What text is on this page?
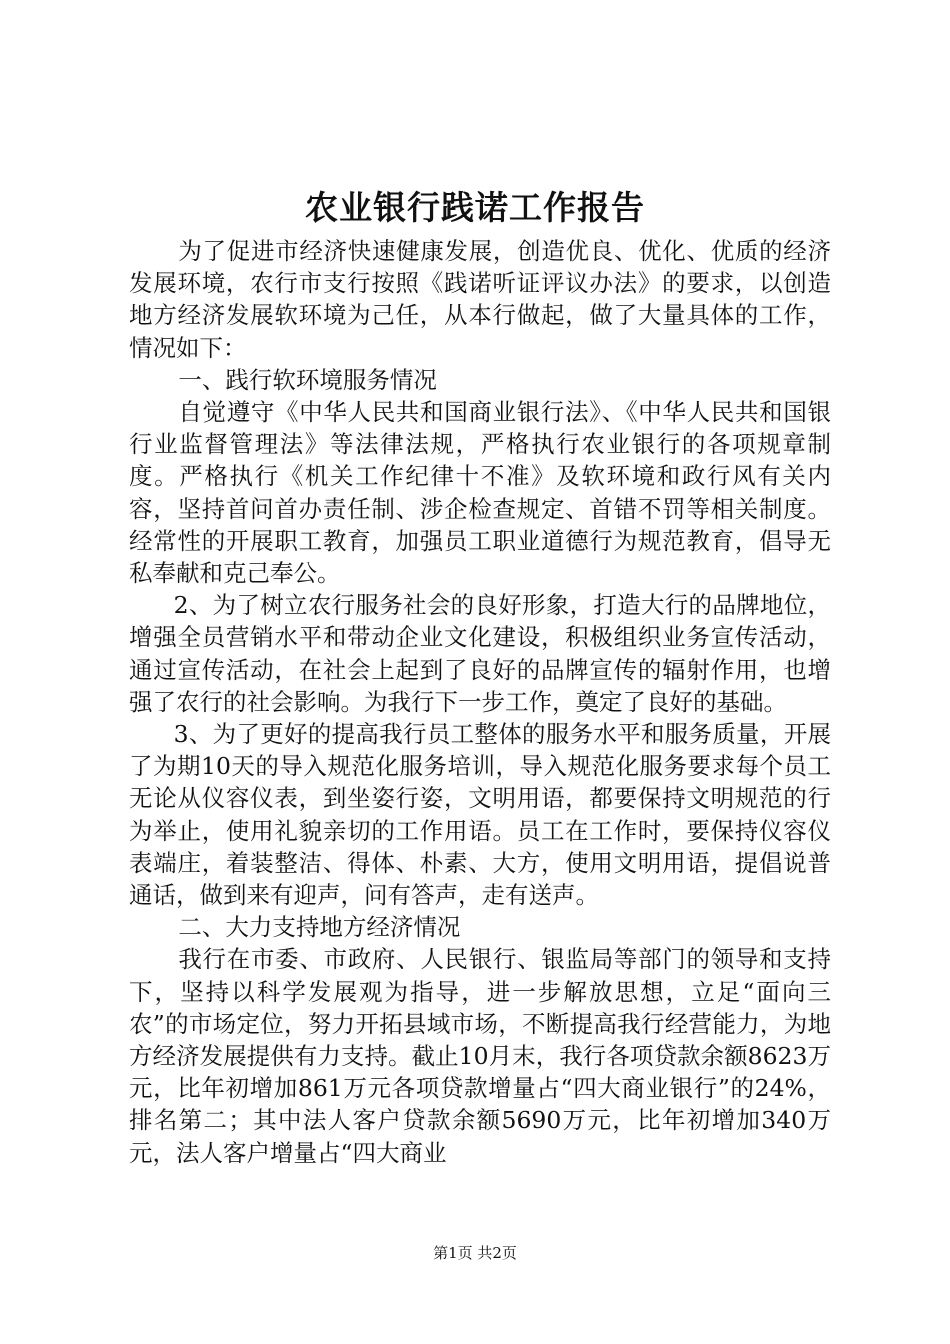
农业银行践诺工作报告

为了促进市经济快速健康发展，创造优良、优化、优质的经济发展环境，农行市支行按照《践诺听证评议办法》的要求，以创造地方经济发展软环境为己任，从本行做起，做了大量具体的工作，情况如下：

一、践行软环境服务情况

自觉遵守《中华人民共和国商业银行法》、《中华人民共和国银行业监督管理法》等法律法规，严格执行农业银行的各项规章制度。严格执行《机关工作纪律十不准》及软环境和政行风有关内容，坚持首问首办责任制、涉企检查规定、首错不罚等相关制度。经常性的开展职工教育，加强员工职业道德行为规范教育，倡导无私奉献和克己奉公。

2、为了树立农行服务社会的良好形象，打造大行的品牌地位，增强全员营销水平和带动企业文化建设，积极组织业务宣传活动，通过宣传活动，在社会上起到了良好的品牌宣传的辐射作用，也增强了农行的社会影响。为我行下一步工作，奠定了良好的基础。

3、为了更好的提高我行员工整体的服务水平和服务质量，开展了为期10天的导入规范化服务培训，导入规范化服务要求每个员工无论从仪容仪表，到坐姿行姿，文明用语，都要保持文明规范的行为举止，使用礼貌亲切的工作用语。员工在工作时，要保持仪容仪表端庄，着装整洁、得体、朴素、大方，使用文明用语，提倡说普通话，做到来有迎声，问有答声，走有送声。

二、大力支持地方经济情况

我行在市委、市政府、人民银行、银监局等部门的领导和支持下，坚持以科学发展观为指导，进一步解放思想，立足“面向三农”的市场定位，努力开拓县域市场，不断提高我行经营能力，为地方经济发展提供有力支持。截止10月末，我行各项贷款余额8623万元，比年初增加861万元各项贷款增量占“四大商业银行”的24%，排名第二；其中法人客户贷款余额5690万元，比年初增加340万元，法人客户增量占“四大商业

第1页 共2页
